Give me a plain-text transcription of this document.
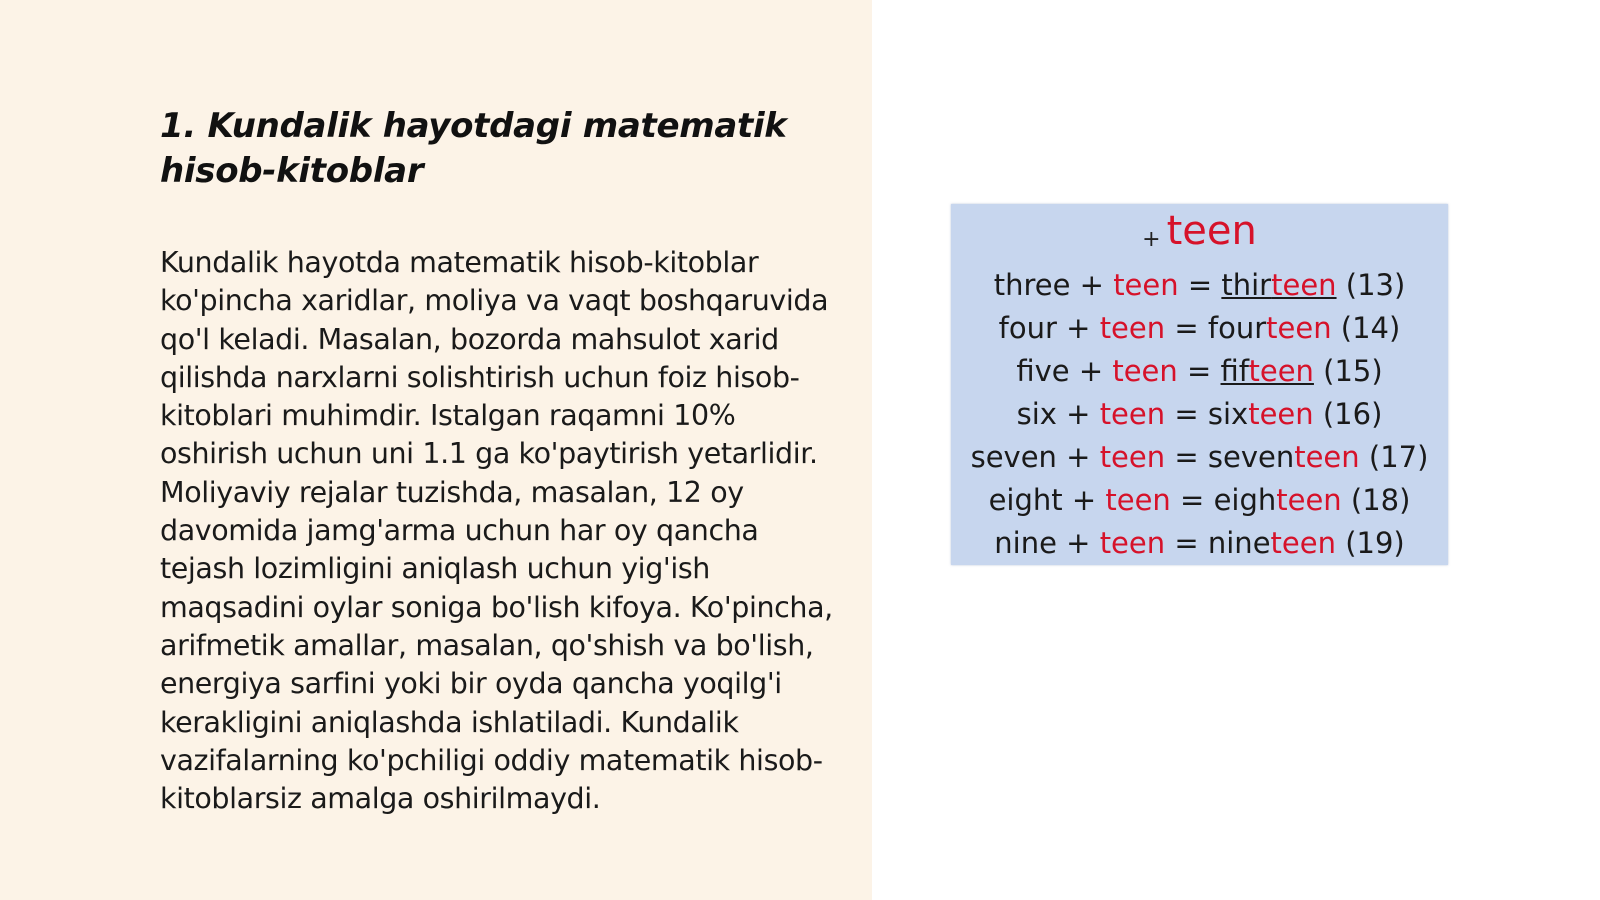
1. Kundalik hayotdagi matematik
hisob-kitoblar

Kundalik hayotda matematik hisob-kitoblar ko'pincha xaridlar, moliya va vaqt boshqaruvida qo'l keladi. Masalan, bozorda mahsulot xarid qilishda narxlarni solishtirish uchun foiz hisob-kitoblari muhimdir. Istalgan raqamni 10% oshirish uchun uni 1.1 ga ko'paytirish yetarlidir. Moliyaviy rejalar tuzishda, masalan, 12 oy davomida jamg'arma uchun har oy qancha tejash lozimligini aniqlash uchun yig'ish maqsadini oylar soniga bo'lish kifoya. Ko'pincha, arifmetik amallar, masalan, qo'shish va bo'lish, energiya sarfini yoki bir oyda qancha yoqilg'i kerakligini aniqlashda ishlatiladi. Kundalik vazifalarning ko'pchiligi oddiy matematik hisob-kitoblarsiz amalga oshirilmaydi.

+ teen
three + teen = thirteen (13)
four + teen = fourteen (14)
five + teen = fifteen (15)
six + teen = sixteen (16)
seven + teen = seventeen (17)
eight + teen = eighteen (18)
nine + teen = nineteen (19)
